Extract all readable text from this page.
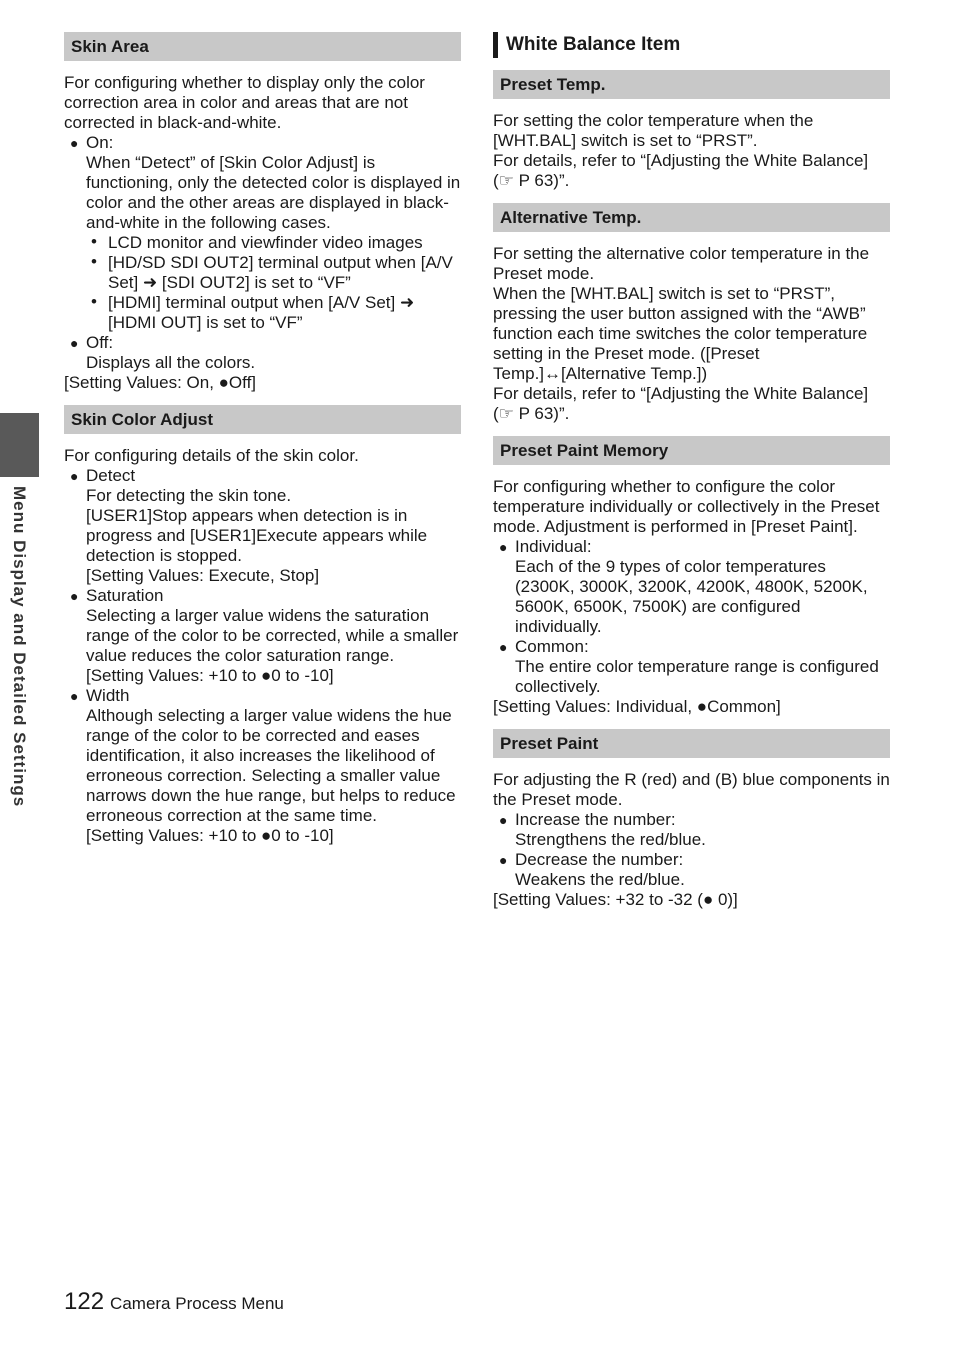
Menu Display and Detailed Settings
Skin Area

For configuring whether to display only the color correction area in color and areas that are not corrected in black-and-white.

● On:
When “Detect” of [Skin Color Adjust] is functioning, only the detected color is displayed in color and the other areas are displayed in black-and-white in the following cases.
• LCD monitor and viewfinder video images
• [HD/SD SDI OUT2] terminal output when [A/V Set] ➜ [SDI OUT2] is set to “VF”
• [HDMI] terminal output when [A/V Set] ➜ [HDMI OUT] is set to “VF”
● Off:
Displays all the colors.

[Setting Values: On, ●Off]

Skin Color Adjust

For configuring details of the skin color.

● Detect
For detecting the skin tone.
[USER1]Stop appears when detection is in progress and [USER1]Execute appears while detection is stopped.
[Setting Values: Execute, Stop]
● Saturation
Selecting a larger value widens the saturation range of the color to be corrected, while a smaller value reduces the color saturation range.
[Setting Values: +10 to ●0 to -10]
● Width
Although selecting a larger value widens the hue range of the color to be corrected and eases identification, it also increases the likelihood of erroneous correction. Selecting a smaller value narrows down the hue range, but helps to reduce erroneous correction at the same time.
[Setting Values: +10 to ●0 to -10]
White Balance Item
Preset Temp.

For setting the color temperature when the [WHT.BAL] switch is set to “PRST”.

For details, refer to “[Adjusting the White Balance] (☞ P 63)”.

Alternative Temp.

For setting the alternative color temperature in the Preset mode.

When the [WHT.BAL] switch is set to “PRST”, pressing the user button assigned with the “AWB” function each time switches the color temperature setting in the Preset mode. ([Preset Temp.]↔[Alternative Temp.])

For details, refer to “[Adjusting the White Balance] (☞ P 63)”.

Preset Paint Memory

For configuring whether to configure the color temperature individually or collectively in the Preset mode. Adjustment is performed in [Preset Paint].

● Individual:
Each of the 9 types of color temperatures (2300K, 3000K, 3200K, 4200K, 4800K, 5200K, 5600K, 6500K, 7500K) are configured individually.
● Common:
The entire color temperature range is configured collectively.

[Setting Values: Individual, ●Common]

Preset Paint

For adjusting the R (red) and (B) blue components in the Preset mode.

● Increase the number:
Strengthens the red/blue.
● Decrease the number:
Weakens the red/blue.

[Setting Values: +32 to -32 (● 0)]

122 Camera Process Menu
